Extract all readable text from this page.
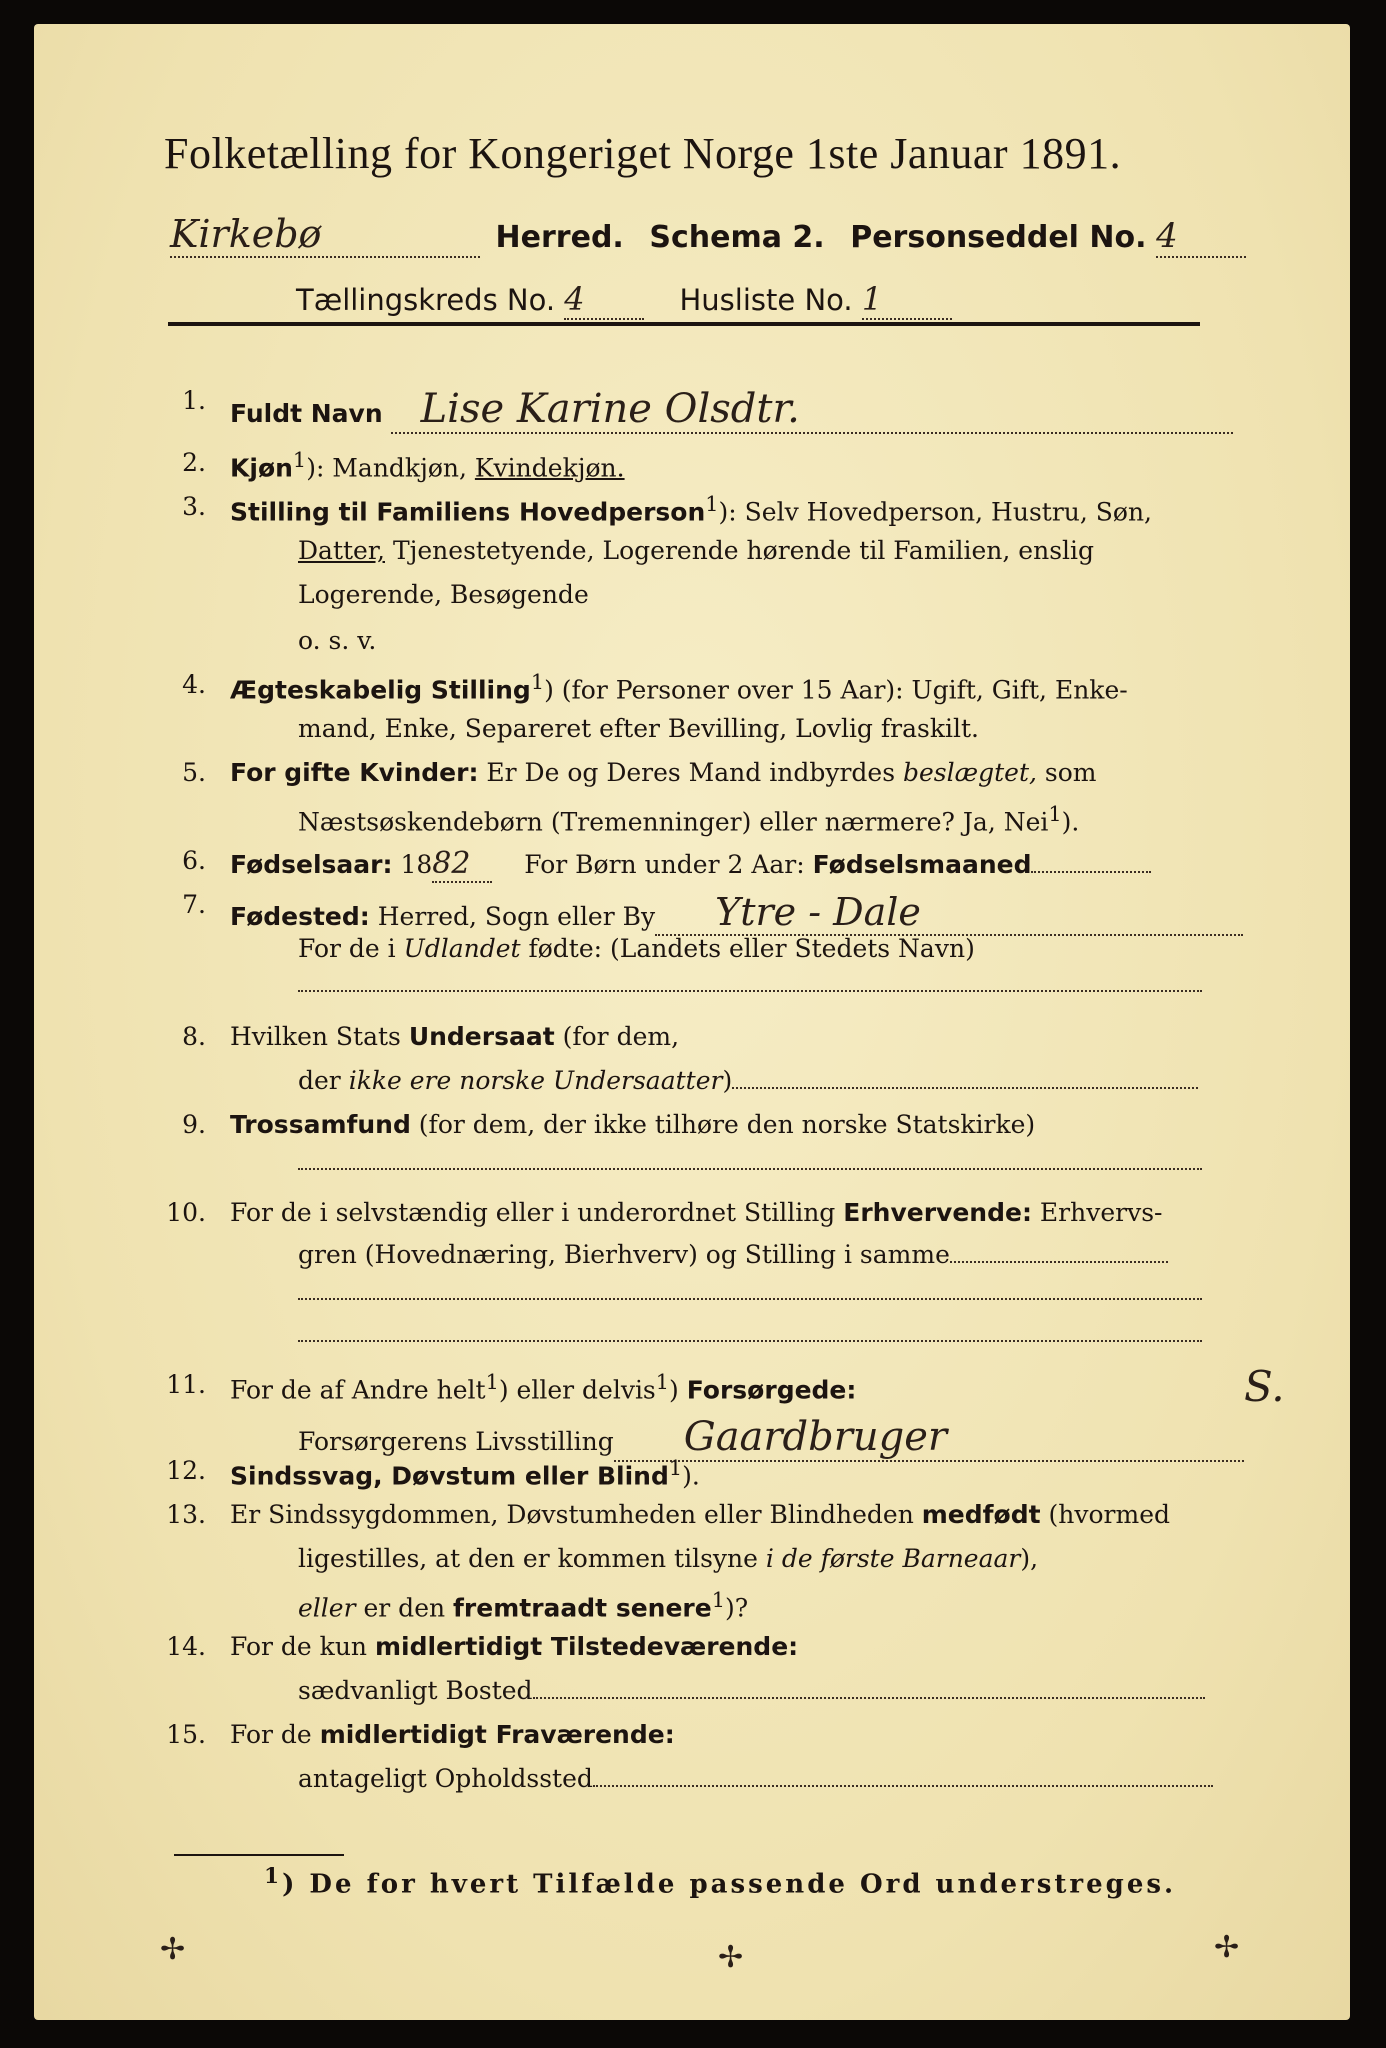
Folketælling for Kongeriget Norge 1ste Januar 1891.
Kirkebø	Herred. Schema 2. Personseddel No. 4
Tællingskreds No. 4	Husliste No. 1
1. Fuldt Navn Lise Karine Olsdtr.
2. Kjøn$^1$): Mandkjøn, Kvindekjøn.
3. Stilling til Familiens Hovedperson$^1$): Selv Hovedperson, Hustru, Søn,
Datter, Tjenestetyende, Logerende hørende til Familien, enslig
Logerende, Besøgende
o. s. v.
4. Ægteskabelig Stilling$^1$) (for Personer over 15 Aar): Ugift, Gift, Enke-
mand, Enke, Separeret efter Bevilling, Lovlig fraskilt.
5. For gifte Kvinder: Er De og Deres Mand indbyrdes beslægtet, som
Næstsøskendebørn (Tremenninger) eller nærmere? Ja, Nei$^1$).
6. Fødselsaar: 1882 For Børn under 2 Aar: Fødselsmaaned
7. Fødested: Herred, Sogn eller By Ytre - Dale
For de i Udlandet fødte: (Landets eller Stedets Navn)
8. Hvilken Stats Undersaat (for dem,
der ikke ere norske Undersaatter)
9. Trossamfund (for dem, der ikke tilhøre den norske Statskirke)
10. For de i selvstændig eller i underordnet Stilling Erhvervende: Erhvervs-
gren (Hovednæring, Bierhverv) og Stilling i samme
11. For de af Andre helt$^1$) eller delvis$^1$) Forsørgede:
Forsørgerens Livsstilling Gaardbruger
S.
12. Sindssvag, Døvstum eller Blind$^1$).
13. Er Sindssygdommen, Døvstumheden eller Blindheden medfødt (hvormed
ligestilles, at den er kommen tilsyne i de første Barneaar),
eller er den fremtraadt senere$^1$)?
14. For de kun midlertidigt Tilstedeværende:
sædvanligt Bosted
15. For de midlertidigt Fraværende:
antageligt Opholdssted
$^1$) De for hvert Tilfælde passende Ord understreges.
✢	✢	✢
